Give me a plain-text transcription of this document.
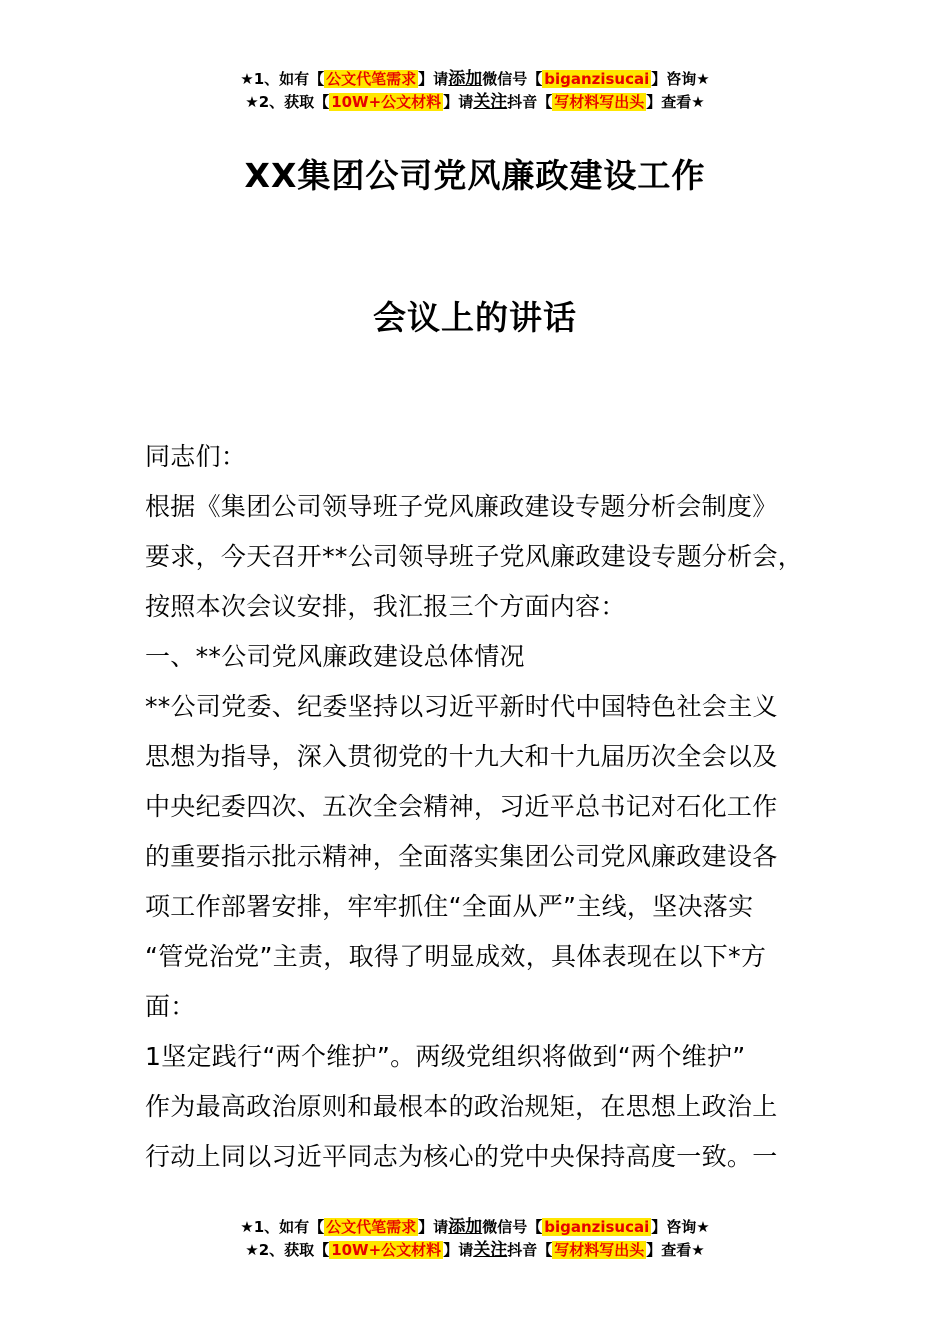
★1、如有【 公文代笔需求 】请添加微信号【 biganzisucai 】咨询★
★2、获取【 10W+公文材料 】请关注抖音【 写材料写出头 】查看★
XX集团公司党风廉政建设工作
会议上的讲话

同志们：

根据《集团公司领导班子党风廉政建设专题分析会制度》

要求，今天召开**公司领导班子党风廉政建设专题分析会，

按照本次会议安排，我汇报三个方面内容：

一、**公司党风廉政建设总体情况

**公司党委、纪委坚持以习近平新时代中国特色社会主义

思想为指导，深入贯彻党的十九大和十九届历次全会以及

中央纪委四次、五次全会精神，习近平总书记对石化工作

的重要指示批示精神，全面落实集团公司党风廉政建设各

项工作部署安排，牢牢抓住“全面从严”主线，坚决落实

“管党治党”主责，取得了明显成效，具体表现在以下*方

面：

1坚定践行“两个维护”。两级党组织将做到“两个维护”

作为最高政治原则和最根本的政治规矩，在思想上政治上

行动上同以习近平同志为核心的党中央保持高度一致。一

★1、如有【 公文代笔需求 】请添加微信号【 biganzisucai 】咨询★
★2、获取【 10W+公文材料 】请关注抖音【 写材料写出头 】查看★
